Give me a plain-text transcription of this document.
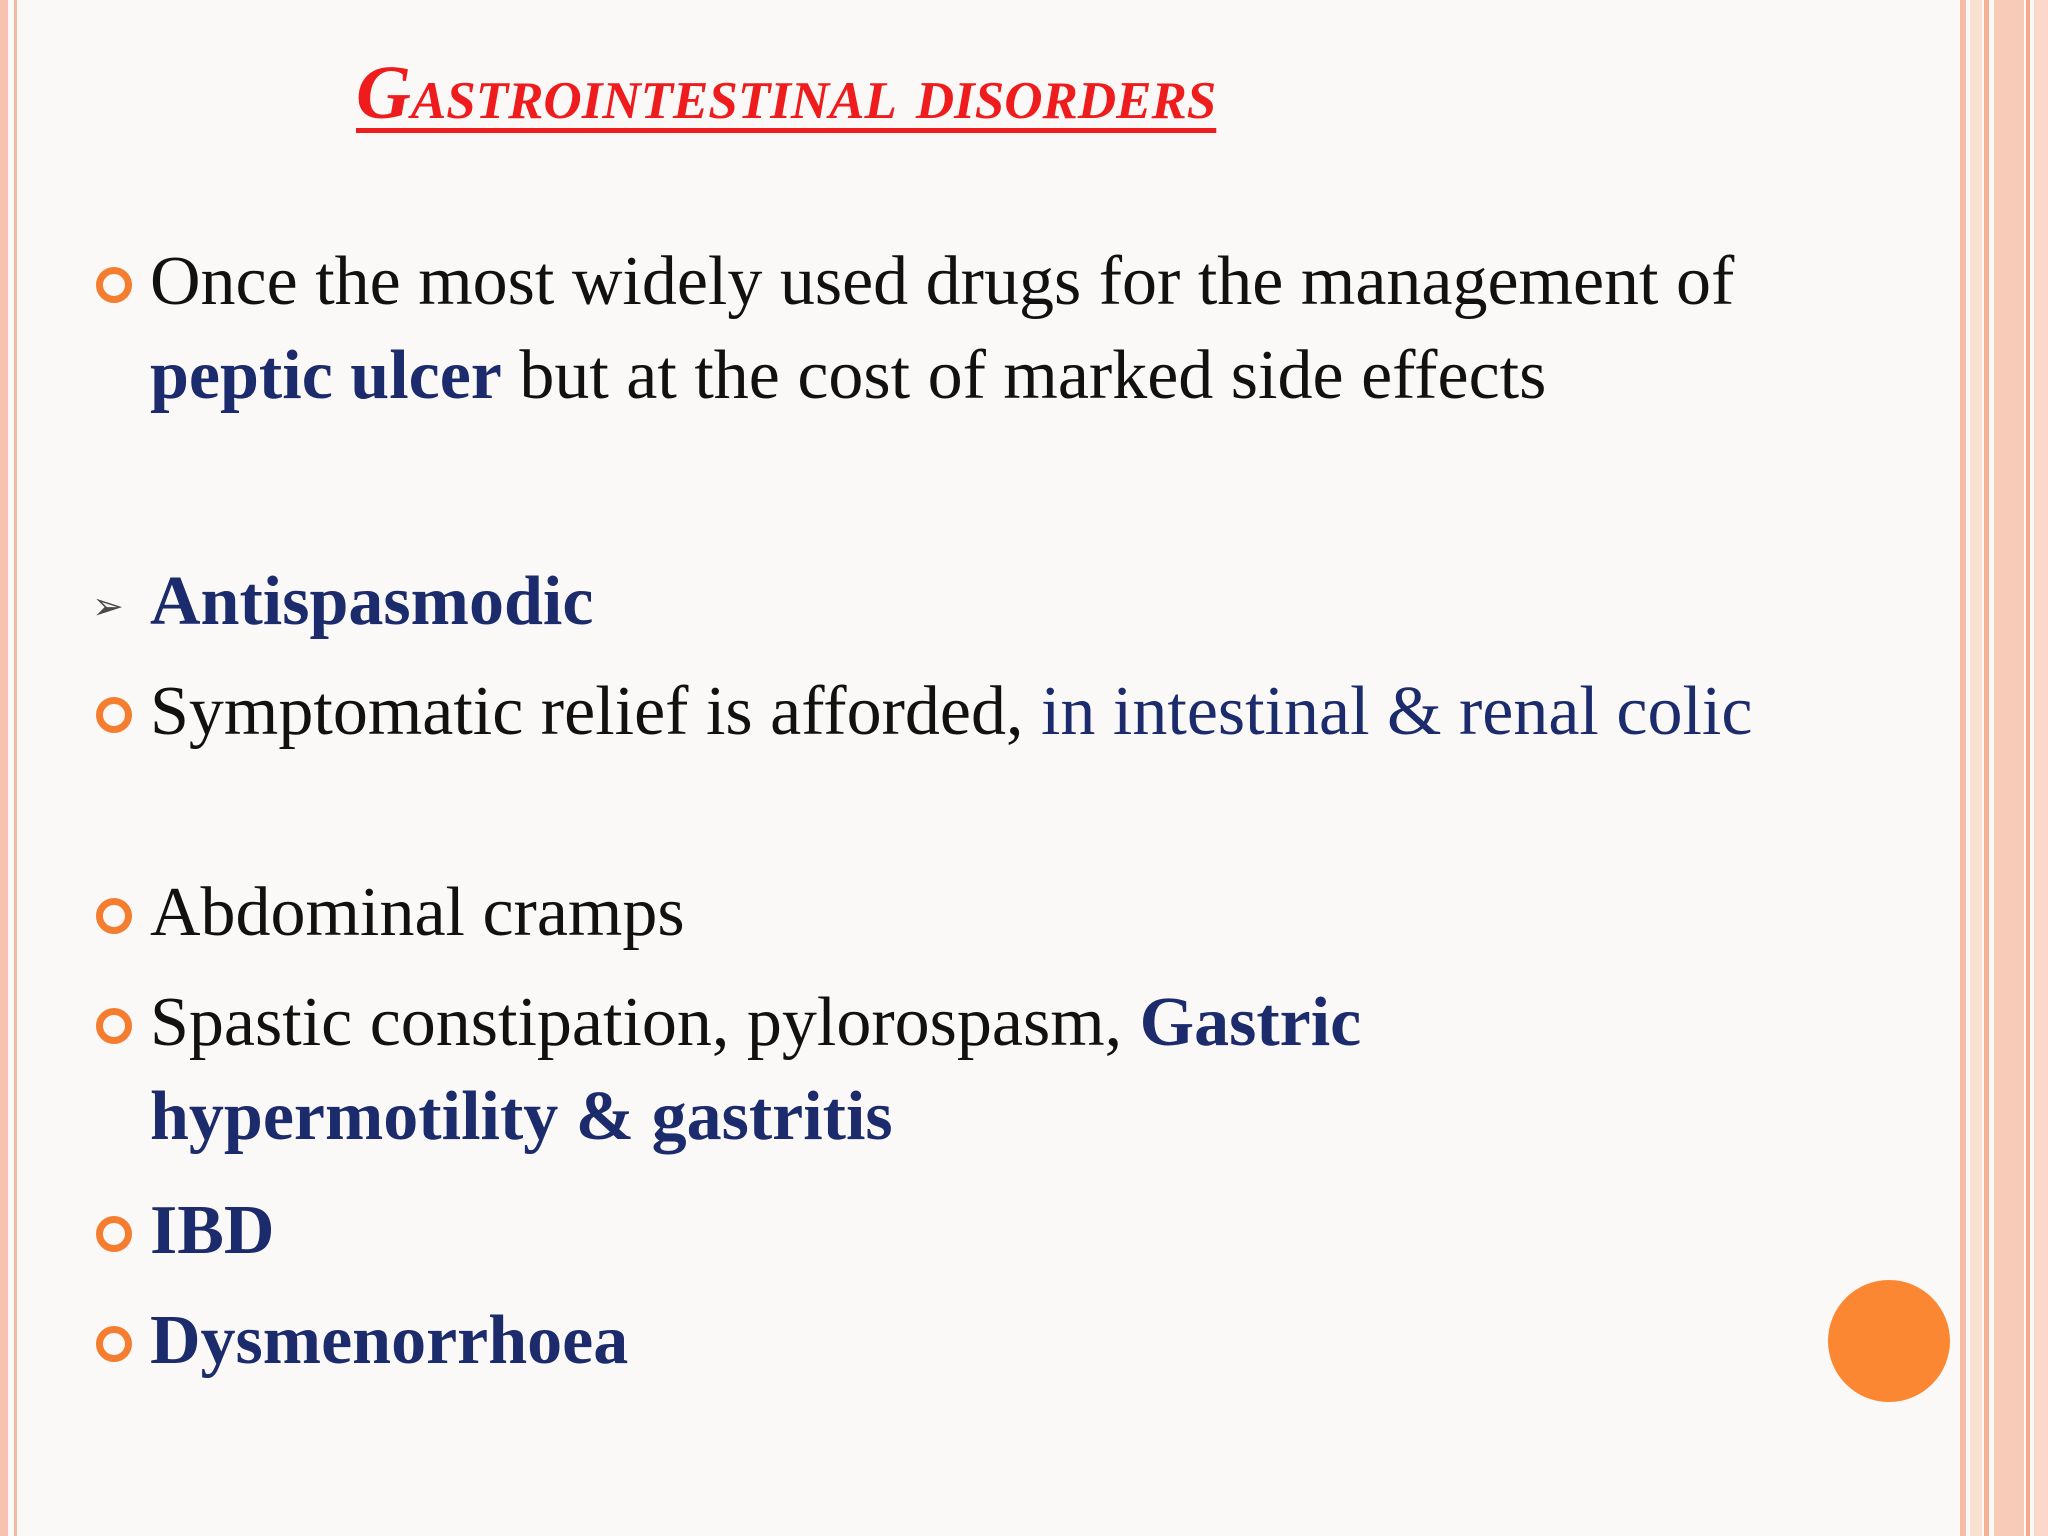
Gastrointestinal disorders
Once the most widely used drugs for the management of peptic ulcer but at the cost of marked side effects
➢ Antispasmodic
Symptomatic relief is afforded, in intestinal & renal colic
Abdominal cramps
Spastic constipation, pylorospasm, Gastric hypermotility & gastritis
IBD
Dysmenorrhoea
